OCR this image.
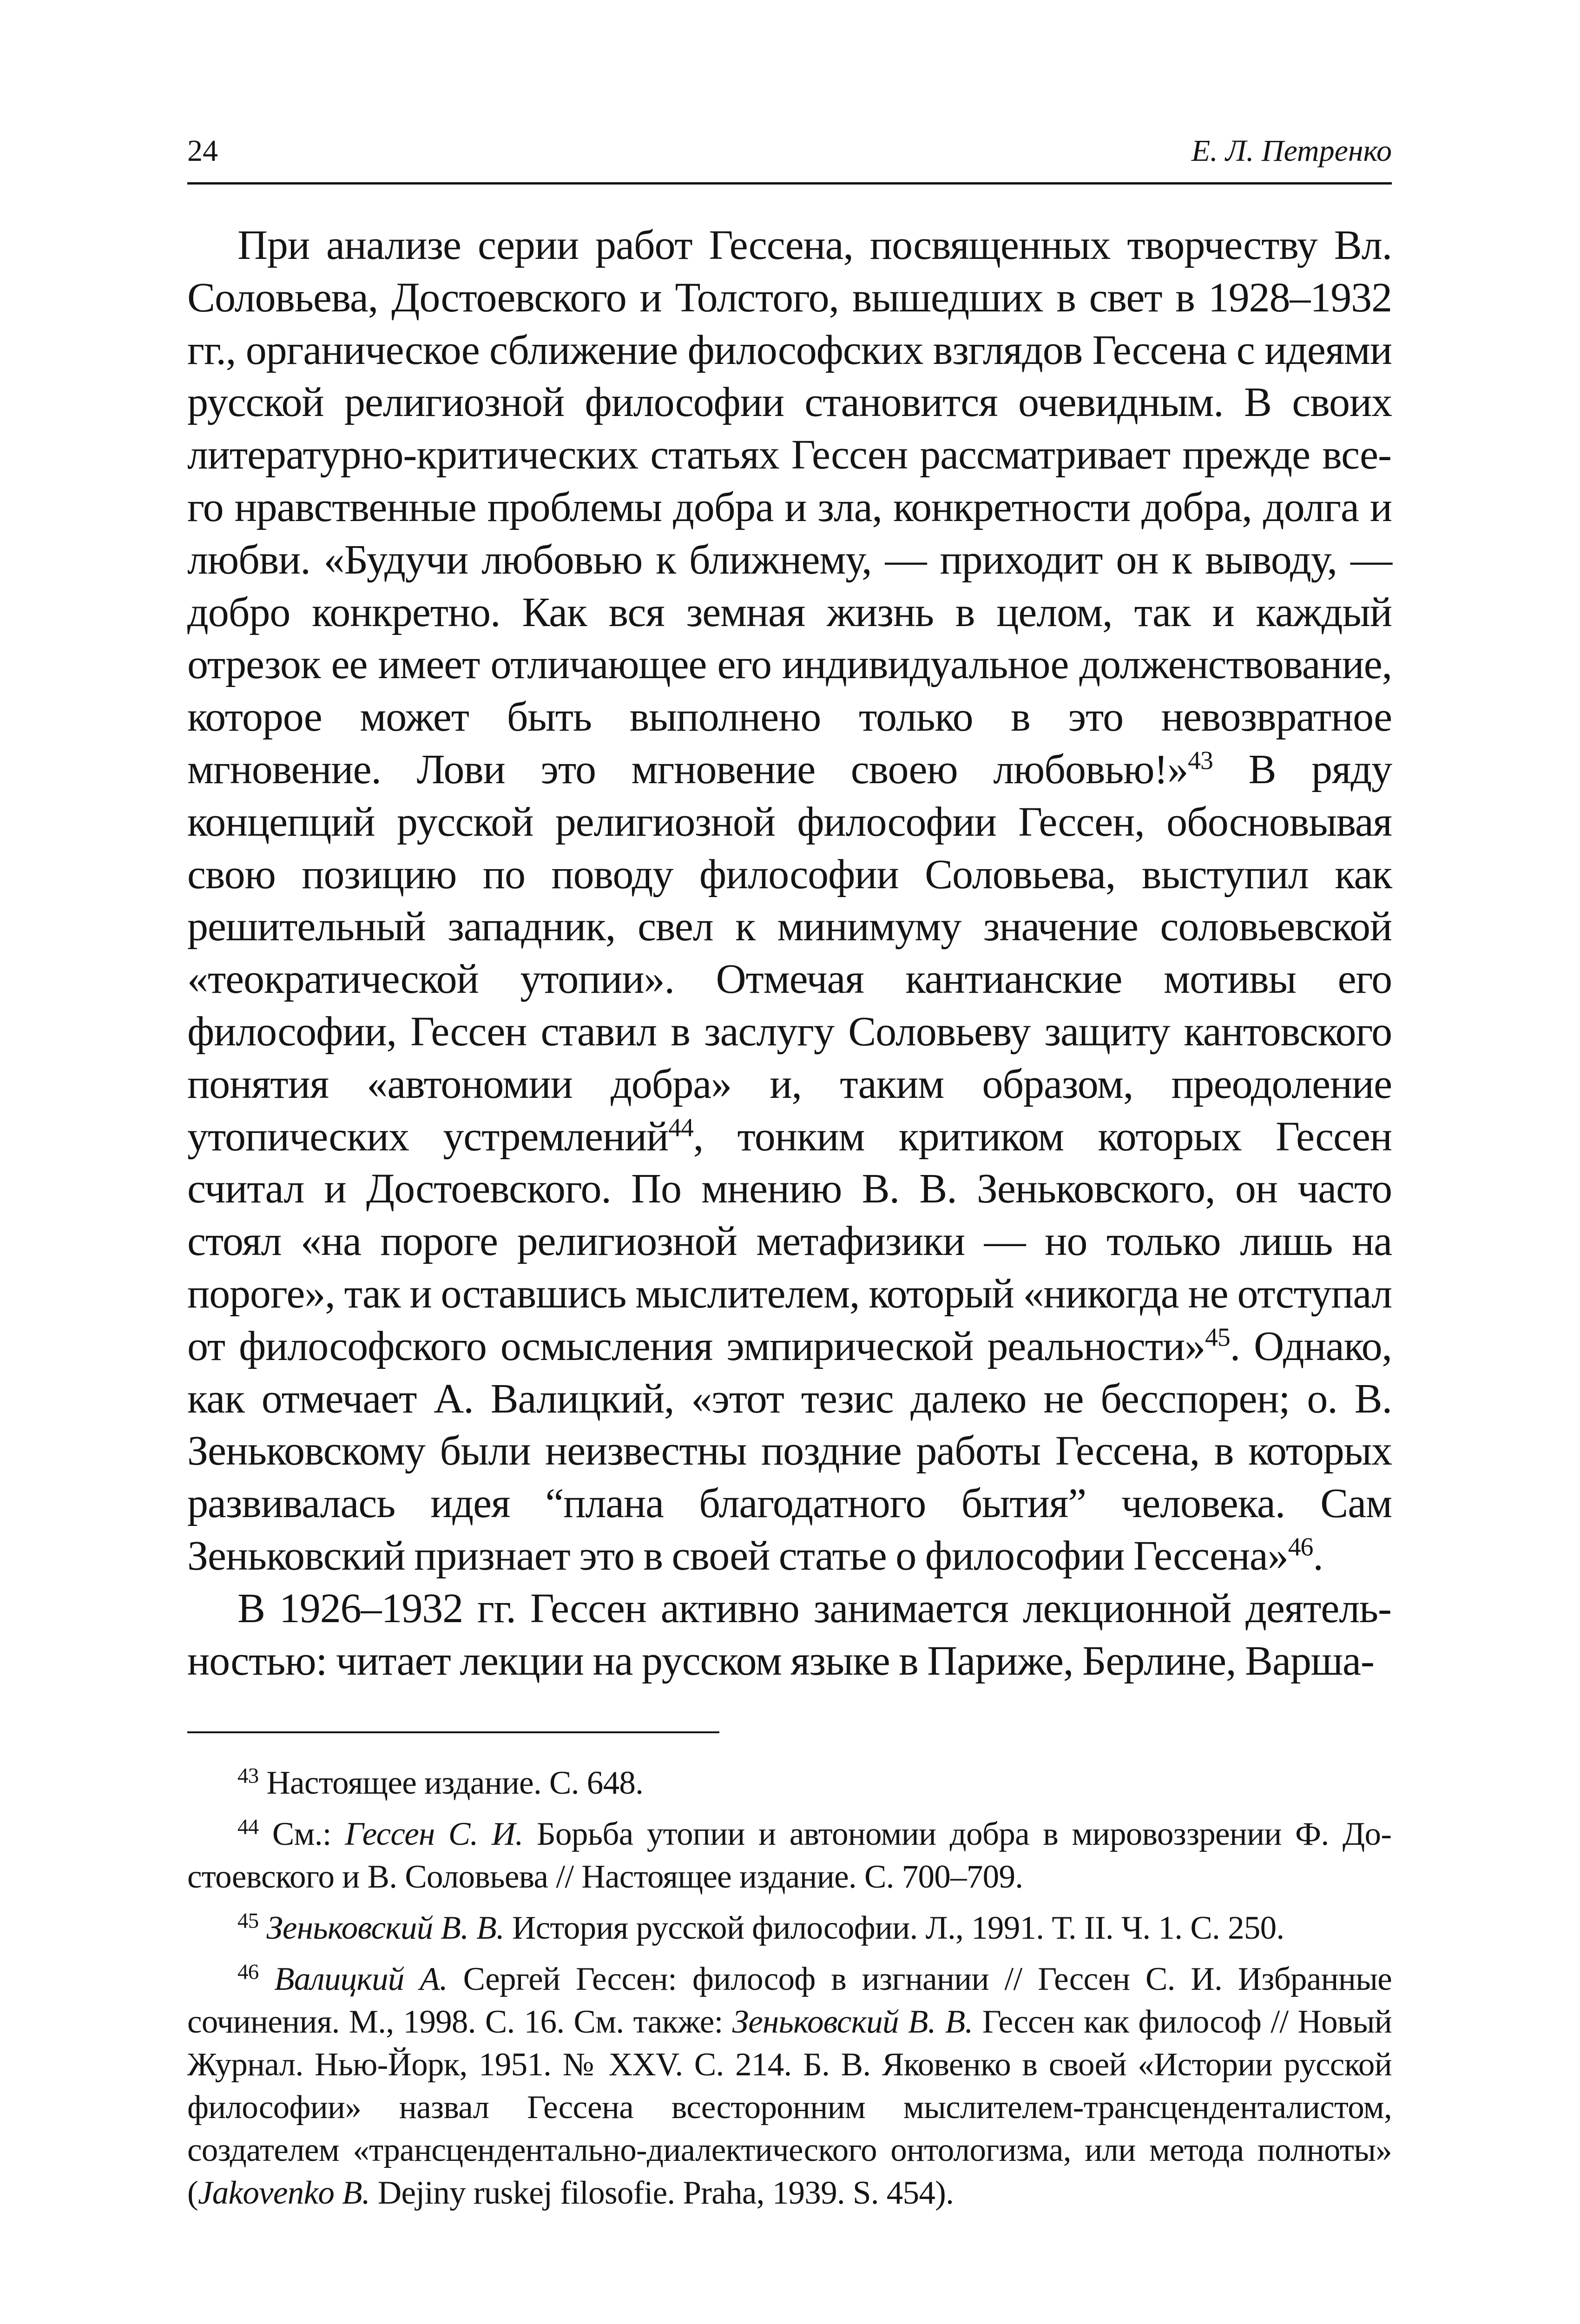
24	Е. Л. Петренко

При анализе серии работ Гессена, посвященных творчеству Вл. Соловьева, Достоевского и Толстого, вышедших в свет в 1928–1932 гг., органическое сближение философских взглядов Гессена с идеями русской религиозной философии становится очевидным. В своих литературно-критических статьях Гессен рассматривает прежде всего нравственные проблемы добра и зла, конкретности добра, долга и любви. «Будучи любовью к ближнему, — приходит он к выводу, — добро конкретно. Как вся земная жизнь в целом, так и каждый отрезок ее имеет отличающее его индивидуальное долженствование, которое может быть выполнено только в это невозвратное мгновение. Лови это мгновение своею любовью!»$^{43}$ В ряду концепций русской религиозной философии Гессен, обосновывая свою позицию по поводу философии Соловьева, выступил как решительный западник, свел к минимуму значение соловьевской «теократической утопии». Отмечая кантианские мотивы его философии, Гессен ставил в заслугу Соловьеву защиту кантовского понятия «автономии добра» и, таким образом, преодоление утопических устремлений$^{44}$, тонким критиком которых Гессен считал и Достоевского. По мнению В. В. Зеньковского, он часто стоял «на пороге религиозной метафизики — но только лишь на пороге», так и оставшись мыслителем, который «никогда не отступал от философского осмысления эмпирической реальности»$^{45}$. Однако, как отмечает А. Валицкий, «этот тезис далеко не бесспорен; о. В. Зеньковскому были неизвестны поздние работы Гессена, в которых развивалась идея “плана благодатного бытия” человека. Сам Зеньковский признает это в своей статье о философии Гессена»$^{46}$.

В 1926–1932 гг. Гессен активно занимается лекционной деятельностью: читает лекции на русском языке в Париже, Берлине, Варша-

$^{43}$ Настоящее издание. С. 648.

$^{44}$ См.: Гессен С. И. Борьба утопии и автономии добра в мировоззрении Ф. Достоевского и В. Соловьева // Настоящее издание. С. 700–709.

$^{45}$ Зеньковский В. В. История русской философии. Л., 1991. Т. II. Ч. 1. С. 250.

$^{46}$ Валицкий А. Сергей Гессен: философ в изгнании // Гессен С. И. Избранные сочинения. М., 1998. С. 16. См. также: Зеньковский В. В. Гессен как философ // Новый Журнал. Нью-Йорк, 1951. № XXV. С. 214. Б. В. Яковенко в своей «Истории русской философии» назвал Гессена всесторонним мыслителем-трансценденталистом, создателем «трансцендентально-диалектического онтологизма, или метода полноты» (Jakovenko B. Dejiny ruskej filosofie. Praha, 1939. S. 454).
